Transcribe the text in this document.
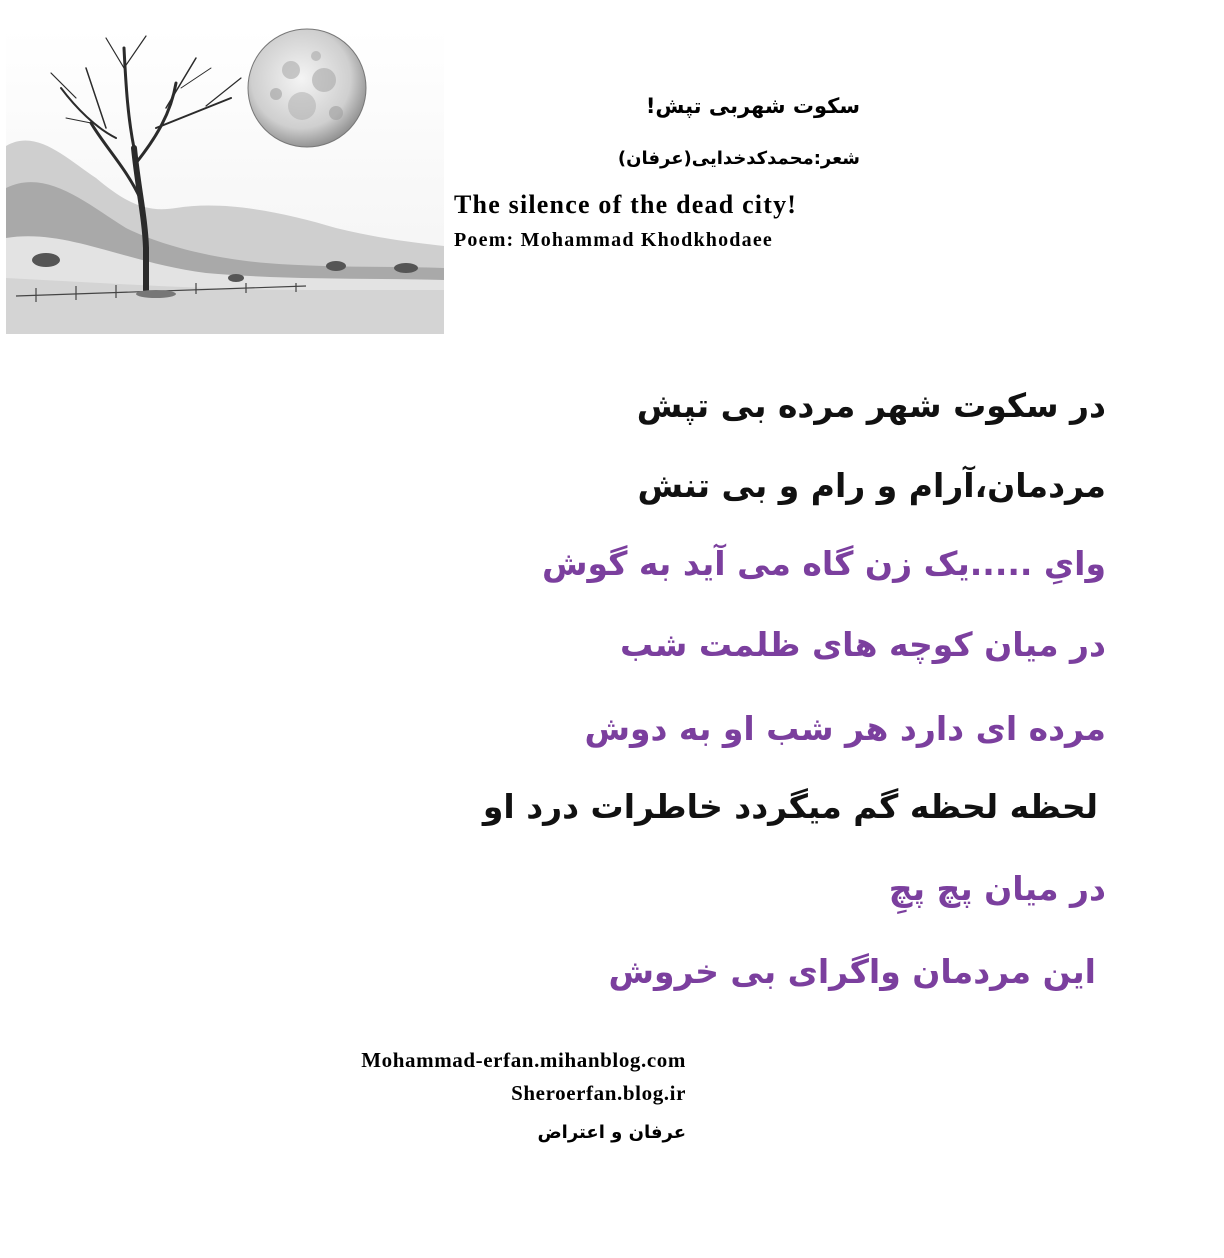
سکوت شهربی تپش!
شعر:محمدکدخدایی(عرفان)
The silence of the dead city!
Poem: Mohammad Khodkhodaee
در سکوت شهر مرده بی تپش
مردمان،آرام و رام و بی تنش
وایِ .....یک زن گاه می آید به گوش
در میان کوچه های ظلمت شب
مرده ای دارد هر شب او به دوش
لحظه لحظه گم میگردد خاطرات درد او
در میان پچ پچِ
این مردمان واگرای بی خروش
Mohammad-erfan.mihanblog.com
Sheroerfan.blog.ir
عرفان و اعتراض
